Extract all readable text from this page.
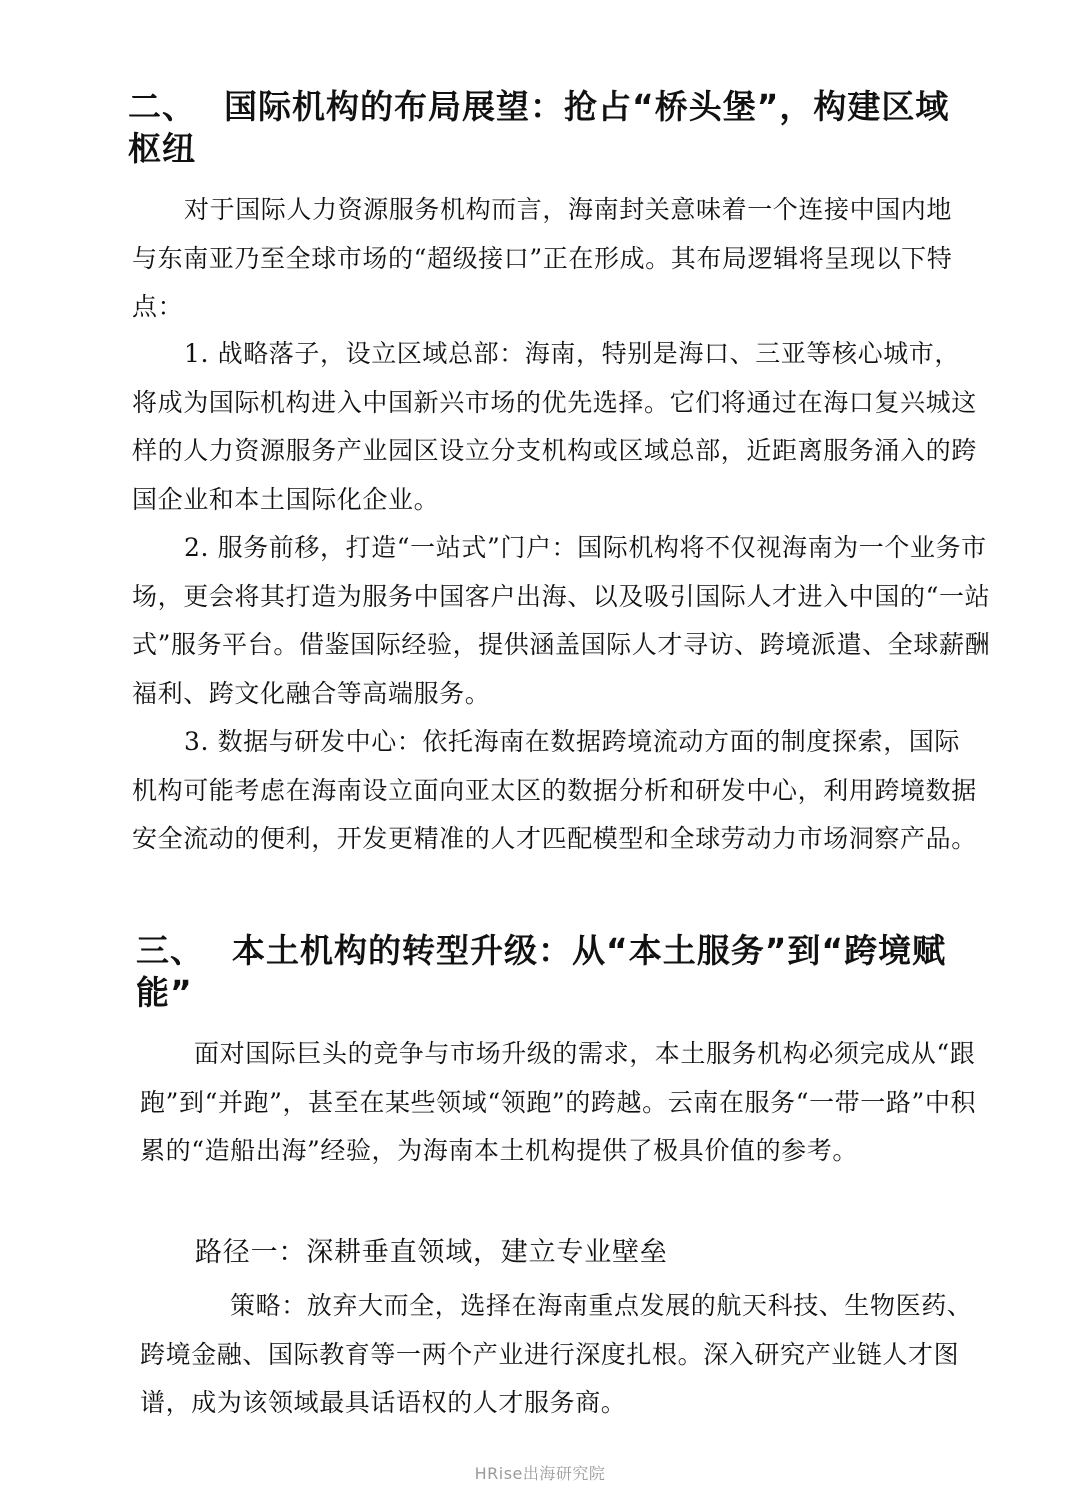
二、 国际机构的布局展望：抢占“桥头堡”，构建区域枢纽

对于国际人力资源服务机构而言，海南封关意味着一个连接中国内地与东南亚乃至全球市场的“超级接口”正在形成。其布局逻辑将呈现以下特点：

1. 战略落子，设立区域总部：海南，特别是海口、三亚等核心城市，将成为国际机构进入中国新兴市场的优先选择。它们将通过在海口复兴城这样的人力资源服务产业园区设立分支机构或区域总部，近距离服务涌入的跨国企业和本土国际化企业。

2. 服务前移，打造“一站式”门户：国际机构将不仅视海南为一个业务市场，更会将其打造为服务中国客户出海、以及吸引国际人才进入中国的“一站式”服务平台。借鉴国际经验，提供涵盖国际人才寻访、跨境派遣、全球薪酬福利、跨文化融合等高端服务。

3. 数据与研发中心：依托海南在数据跨境流动方面的制度探索，国际机构可能考虑在海南设立面向亚太区的数据分析和研发中心，利用跨境数据安全流动的便利，开发更精准的人才匹配模型和全球劳动力市场洞察产品。

三、 本土机构的转型升级：从“本土服务”到“跨境赋能”

面对国际巨头的竞争与市场升级的需求，本土服务机构必须完成从“跟跑”到“并跑”，甚至在某些领域“领跑”的跨越。云南在服务“一带一路”中积累的“造船出海”经验，为海南本土机构提供了极具价值的参考。

路径一：深耕垂直领域，建立专业壁垒

策略：放弃大而全，选择在海南重点发展的航天科技、生物医药、跨境金融、国际教育等一两个产业进行深度扎根。深入研究产业链人才图谱，成为该领域最具话语权的人才服务商。

HRise出海研究院
